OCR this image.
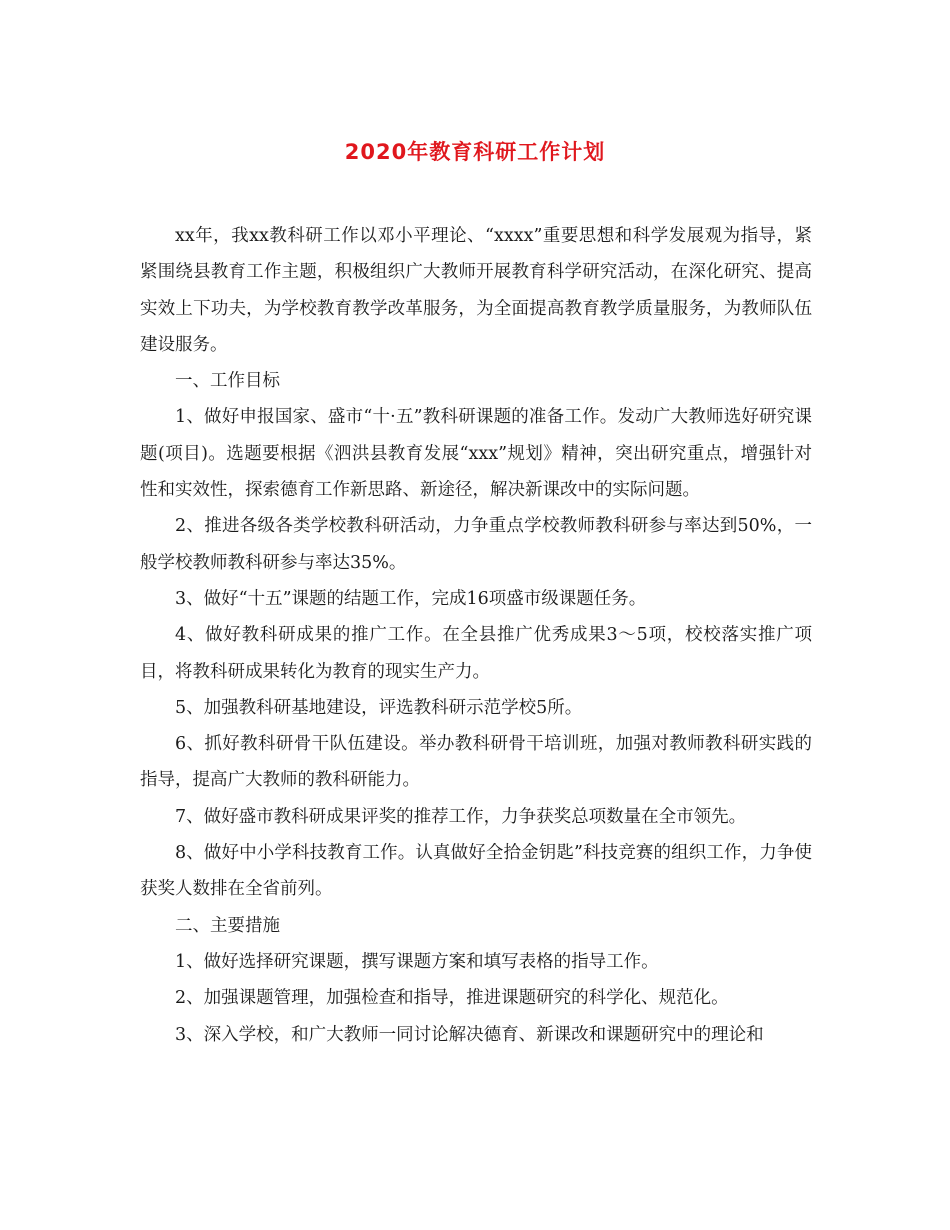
2020年教育科研工作计划

xx年，我xx教科研工作以邓小平理论、“xxxx”重要思想和科学发展观为指导，紧紧围绕县教育工作主题，积极组织广大教师开展教育科学研究活动，在深化研究、提高实效上下功夫，为学校教育教学改革服务，为全面提高教育教学质量服务，为教师队伍建设服务。

一、工作目标

1、做好申报国家、盛市“十·五”教科研课题的准备工作。发动广大教师选好研究课题(项目)。选题要根据《泗洪县教育发展“xxx”规划》精神，突出研究重点，增强针对性和实效性，探索德育工作新思路、新途径，解决新课改中的实际问题。

2、推进各级各类学校教科研活动，力争重点学校教师教科研参与率达到50%，一般学校教师教科研参与率达35%。

3、做好“十五”课题的结题工作，完成16项盛市级课题任务。

4、做好教科研成果的推广工作。在全县推广优秀成果3～5项，校校落实推广项目，将教科研成果转化为教育的现实生产力。

5、加强教科研基地建设，评选教科研示范学校5所。

6、抓好教科研骨干队伍建设。举办教科研骨干培训班，加强对教师教科研实践的指导，提高广大教师的教科研能力。

7、做好盛市教科研成果评奖的推荐工作，力争获奖总项数量在全市领先。

8、做好中小学科技教育工作。认真做好全拾金钥匙”科技竞赛的组织工作，力争使获奖人数排在全省前列。

二、主要措施

1、做好选择研究课题，撰写课题方案和填写表格的指导工作。

2、加强课题管理，加强检查和指导，推进课题研究的科学化、规范化。

3、深入学校，和广大教师一同讨论解决德育、新课改和课题研究中的理论和
